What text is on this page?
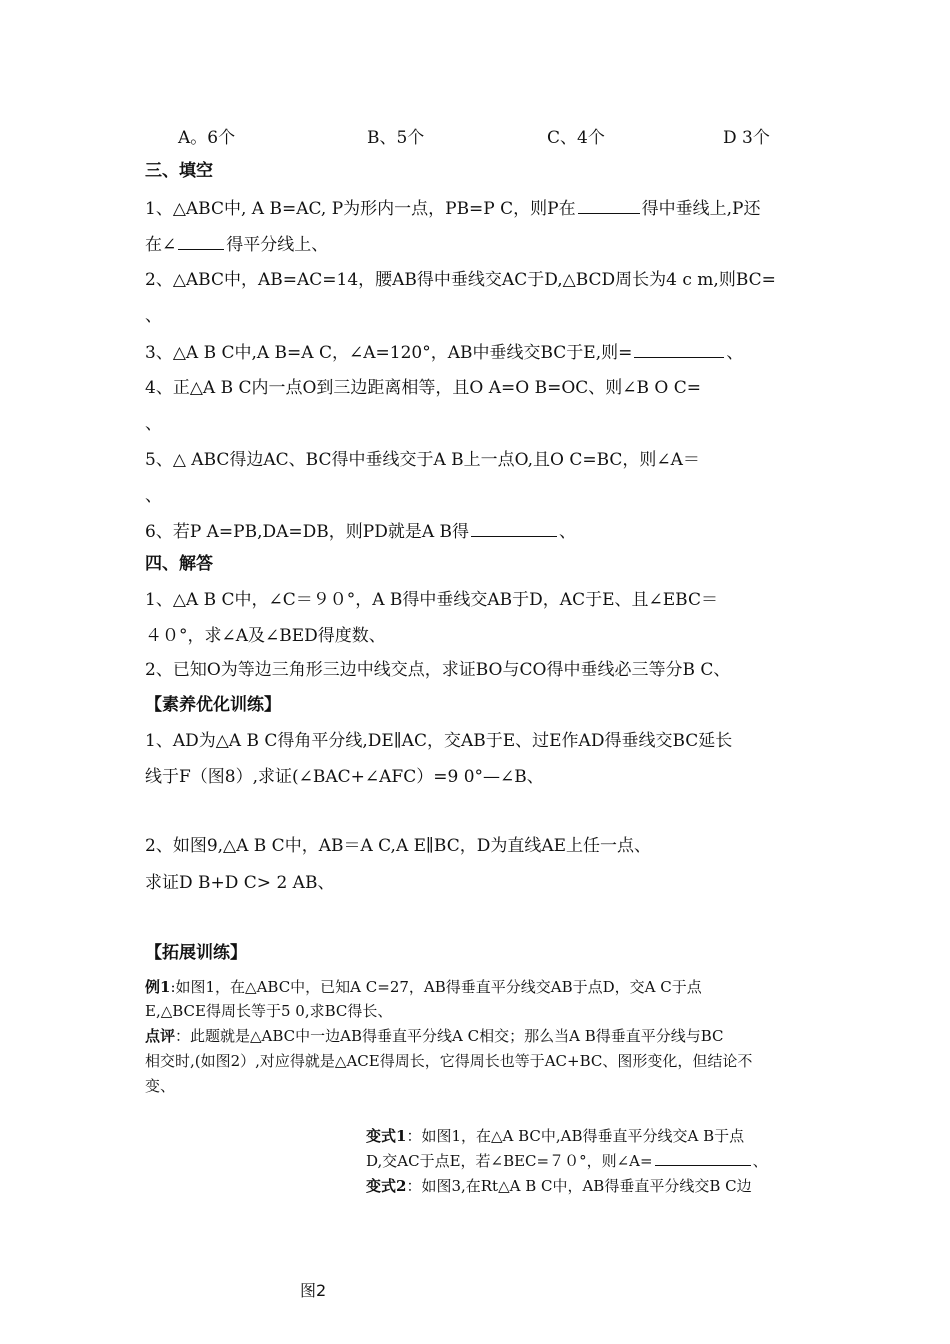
A。6个	B、5个	C、4个	D 3个
三、填空
1、△ABC中, A B=AC, P为形内一点，PB=P C，则P在	得中垂线上,P还
在∠	得平分线上、
2、△ABC中，AB=AC=14，腰AB得中垂线交AC于D,△BCD周长为4 c m,则BC=
、
3、△A B C中,A B=A C，∠A=120°，AB中垂线交BC于E,则=	、
4、正△A B C内一点O到三边距离相等，且O A=O B=OC、则∠B O C=
、
5、△ ABC得边AC、BC得中垂线交于A B上一点O,且O C=BC，则∠A＝
、
6、若P A=PB,DA=DB，则PD就是A B得	、
四、解答
1、△A B C中，∠C＝９０°，A B得中垂线交AB于D，AC于E、且∠EBC＝
４０°，求∠A及∠BED得度数、
2、已知O为等边三角形三边中线交点，求证BO与CO得中垂线必三等分B C、
【素养优化训练】
1、AD为△A B C得角平分线,DE∥AC，交AB于E、过E作AD得垂线交BC延长
线于F（图8）,求证(∠BAC+∠AFC）=9 0°—∠B、
2、如图9,△A B C中，AB＝A C,A E∥BC，D为直线AE上任一点、
求证D B+D C> 2 AB、
【拓展训练】
例1:如图1，在△ABC中，已知A C=27，AB得垂直平分线交AB于点D，交A C于点
E,△BCE得周长等于5 0,求BC得长、
点评：此题就是△ABC中一边AB得垂直平分线A C相交；那么当A B得垂直平分线与BC
相交时,(如图2）,对应得就是△ACE得周长，它得周长也等于AC+BC、图形变化，但结论不
变、
变式1：如图1，在△A BC中,AB得垂直平分线交A B于点
D,交AC于点E，若∠BEC=７０°，则∠A=	、
变式2：如图3,在Rt△A B C中，AB得垂直平分线交B C边
图2
